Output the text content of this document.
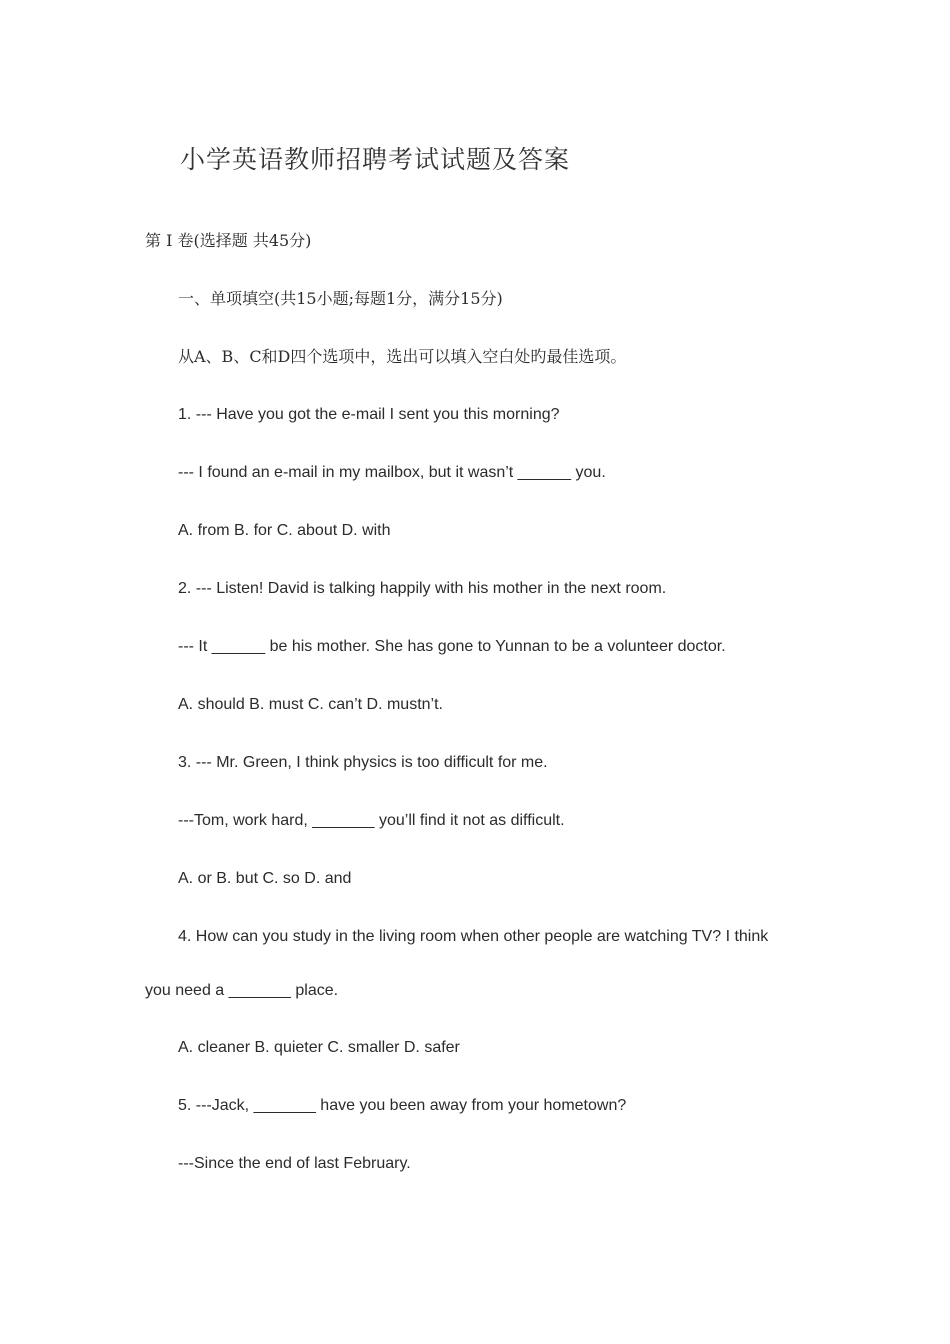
小学英语教师招聘考试试题及答案
第 Ⅰ 卷(选择题 共45分)
一、单项填空(共15小题;每题1分，满分15分)
从A、B、C和D四个选项中，选出可以填入空白处旳最佳选项。
1. --- Have you got the e-mail I sent you this morning?
--- I found an e-mail in my mailbox, but it wasn’t ______ you.
A. from B. for C. about D. with
2. --- Listen! David is talking happily with his mother in the next room.
--- It ______ be his mother. She has gone to Yunnan to be a volunteer doctor.
A. should B. must C. can’t D. mustn’t.
3. --- Mr. Green, I think physics is too difficult for me.
---Tom, work hard, _______ you’ll find it not as difficult.
A. or B. but C. so D. and
4. How can you study in the living room when other people are watching TV? I think
you need a _______ place.
A. cleaner B. quieter C. smaller D. safer
5. ---Jack, _______ have you been away from your hometown?
---Since the end of last February.
